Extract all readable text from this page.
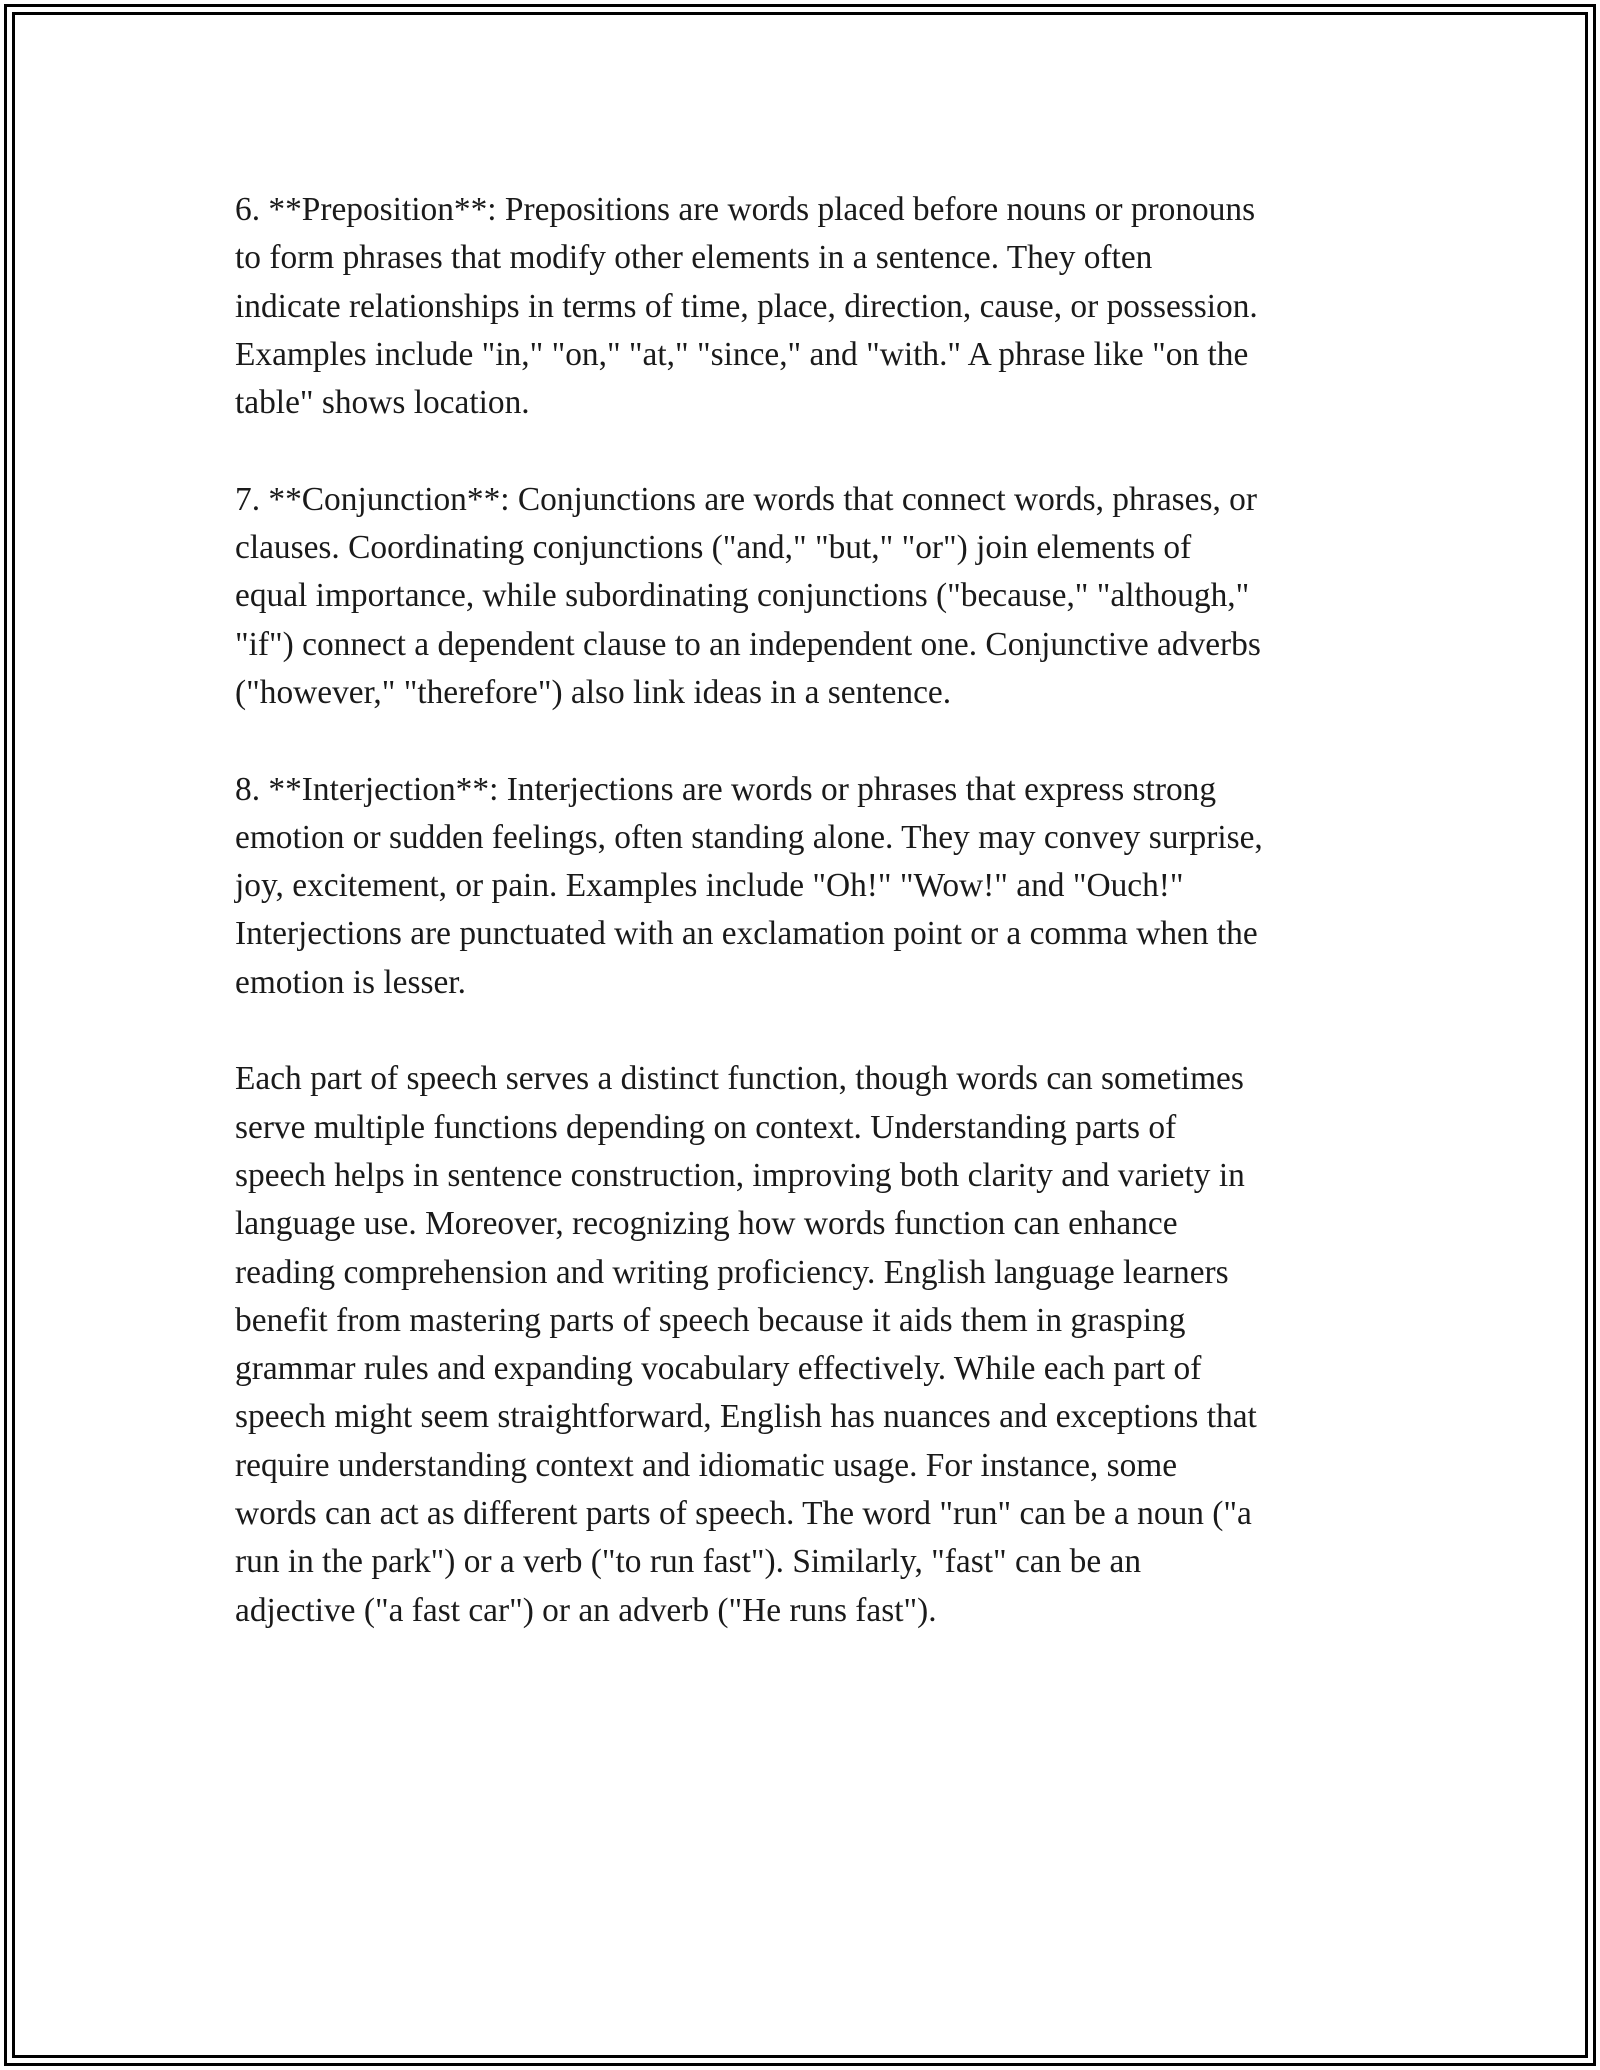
6. **Preposition**: Prepositions are words placed before nouns or pronouns
to form phrases that modify other elements in a sentence. They often
indicate relationships in terms of time, place, direction, cause, or possession.
Examples include "in," "on," "at," "since," and "with." A phrase like "on the
table" shows location.

7. **Conjunction**: Conjunctions are words that connect words, phrases, or
clauses. Coordinating conjunctions ("and," "but," "or") join elements of
equal importance, while subordinating conjunctions ("because," "although,"
"if") connect a dependent clause to an independent one. Conjunctive adverbs
("however," "therefore") also link ideas in a sentence.

8. **Interjection**: Interjections are words or phrases that express strong
emotion or sudden feelings, often standing alone. They may convey surprise,
joy, excitement, or pain. Examples include "Oh!" "Wow!" and "Ouch!"
Interjections are punctuated with an exclamation point or a comma when the
emotion is lesser.

Each part of speech serves a distinct function, though words can sometimes
serve multiple functions depending on context. Understanding parts of
speech helps in sentence construction, improving both clarity and variety in
language use. Moreover, recognizing how words function can enhance
reading comprehension and writing proficiency. English language learners
benefit from mastering parts of speech because it aids them in grasping
grammar rules and expanding vocabulary effectively. While each part of
speech might seem straightforward, English has nuances and exceptions that
require understanding context and idiomatic usage. For instance, some
words can act as different parts of speech. The word "run" can be a noun ("a
run in the park") or a verb ("to run fast"). Similarly, "fast" can be an
adjective ("a fast car") or an adverb ("He runs fast").
